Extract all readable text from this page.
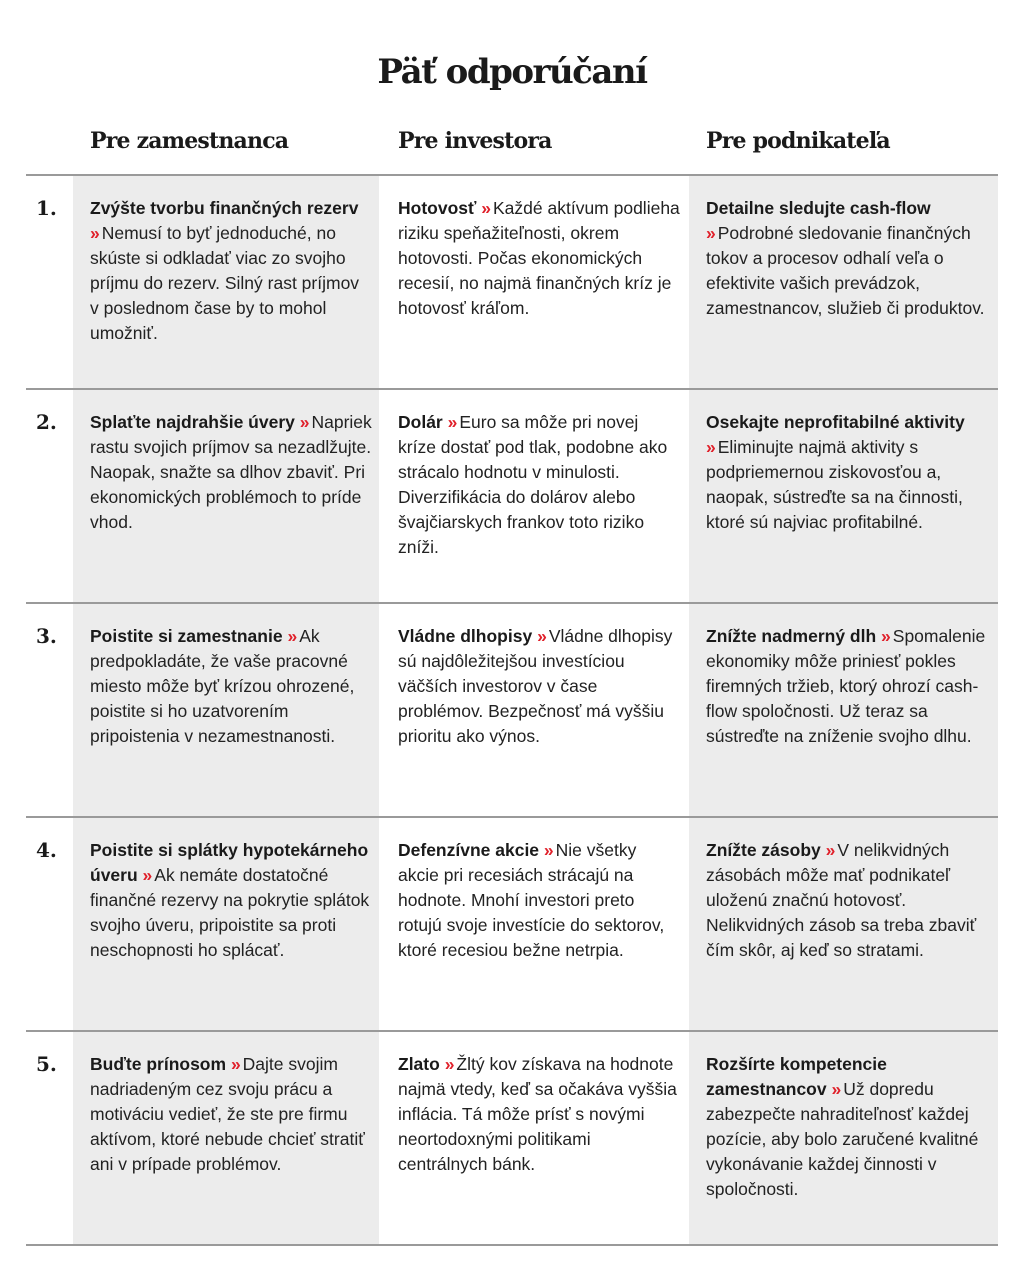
Päť odporúčaní
Pre zamestnanca	Pre investora	Pre podnikateľa
1. Zvýšte tvorbu finančných rezerv » Nemusí to byť jednoduché, no skúste si odkladať viac zo svojho príjmu do rezerv. Silný rast príjmov v poslednom čase by to mohol umožniť.
Hotovosť » Každé aktívum podlieha riziku speňažiteľnosti, okrem hotovosti. Počas ekonomických recesií, no najmä finančných kríz je hotovosť kráľom.
Detailne sledujte cash-flow » Podrobné sledovanie finančných tokov a procesov odhalí veľa o efektivite vašich prevádzok, zamestnancov, služieb či produktov.
2. Splaťte najdrahšie úvery » Napriek rastu svojich príjmov sa nezadlžujte. Naopak, snažte sa dlhov zbaviť. Pri ekonomických problémoch to príde vhod.
Dolár » Euro sa môže pri novej kríze dostať pod tlak, podobne ako strácalo hodnotu v minulosti. Diverzifikácia do dolárov alebo švajčiarskych frankov toto riziko zníži.
Osekajte neprofitabilné aktivity » Eliminujte najmä aktivity s podpriemernou ziskovosťou a, naopak, sústreďte sa na činnosti, ktoré sú najviac profitabilné.
3. Poistite si zamestnanie » Ak predpokladáte, že vaše pracovné miesto môže byť krízou ohrozené, poistite si ho uzatvorením pripoistenia v nezamestnanosti.
Vládne dlhopisy » Vládne dlhopisy sú najdôležitejšou investíciou väčších investorov v čase problémov. Bezpečnosť má vyššiu prioritu ako výnos.
Znížte nadmerný dlh » Spomalenie ekonomiky môže priniesť pokles firemných tržieb, ktorý ohrozí cash-flow spoločnosti. Už teraz sa sústreďte na zníženie svojho dlhu.
4. Poistite si splátky hypotekárneho úveru » Ak nemáte dostatočné finančné rezervy na pokrytie splátok svojho úveru, pripoistite sa proti neschopnosti ho splácať.
Defenzívne akcie » Nie všetky akcie pri recesiách strácajú na hodnote. Mnohí investori preto rotujú svoje investície do sektorov, ktoré recesiou bežne netrpia.
Znížte zásoby » V nelikvidných zásobách môže mať podnikateľ uloženú značnú hotovosť. Nelikvidných zásob sa treba zbaviť čím skôr, aj keď so stratami.
5. Buďte prínosom » Dajte svojim nadriadeným cez svoju prácu a motiváciu vedieť, že ste pre firmu aktívom, ktoré nebude chcieť stratiť ani v prípade problémov.
Zlato » Žltý kov získava na hodnote najmä vtedy, keď sa očakáva vyššia inflácia. Tá môže prísť s novými neortodoxnými politikami centrálnych bánk.
Rozšírte kompetencie zamestnancov » Už dopredu zabezpečte nahraditeľnosť každej pozície, aby bolo zaručené kvalitné vykonávanie každej činnosti v spoločnosti.
